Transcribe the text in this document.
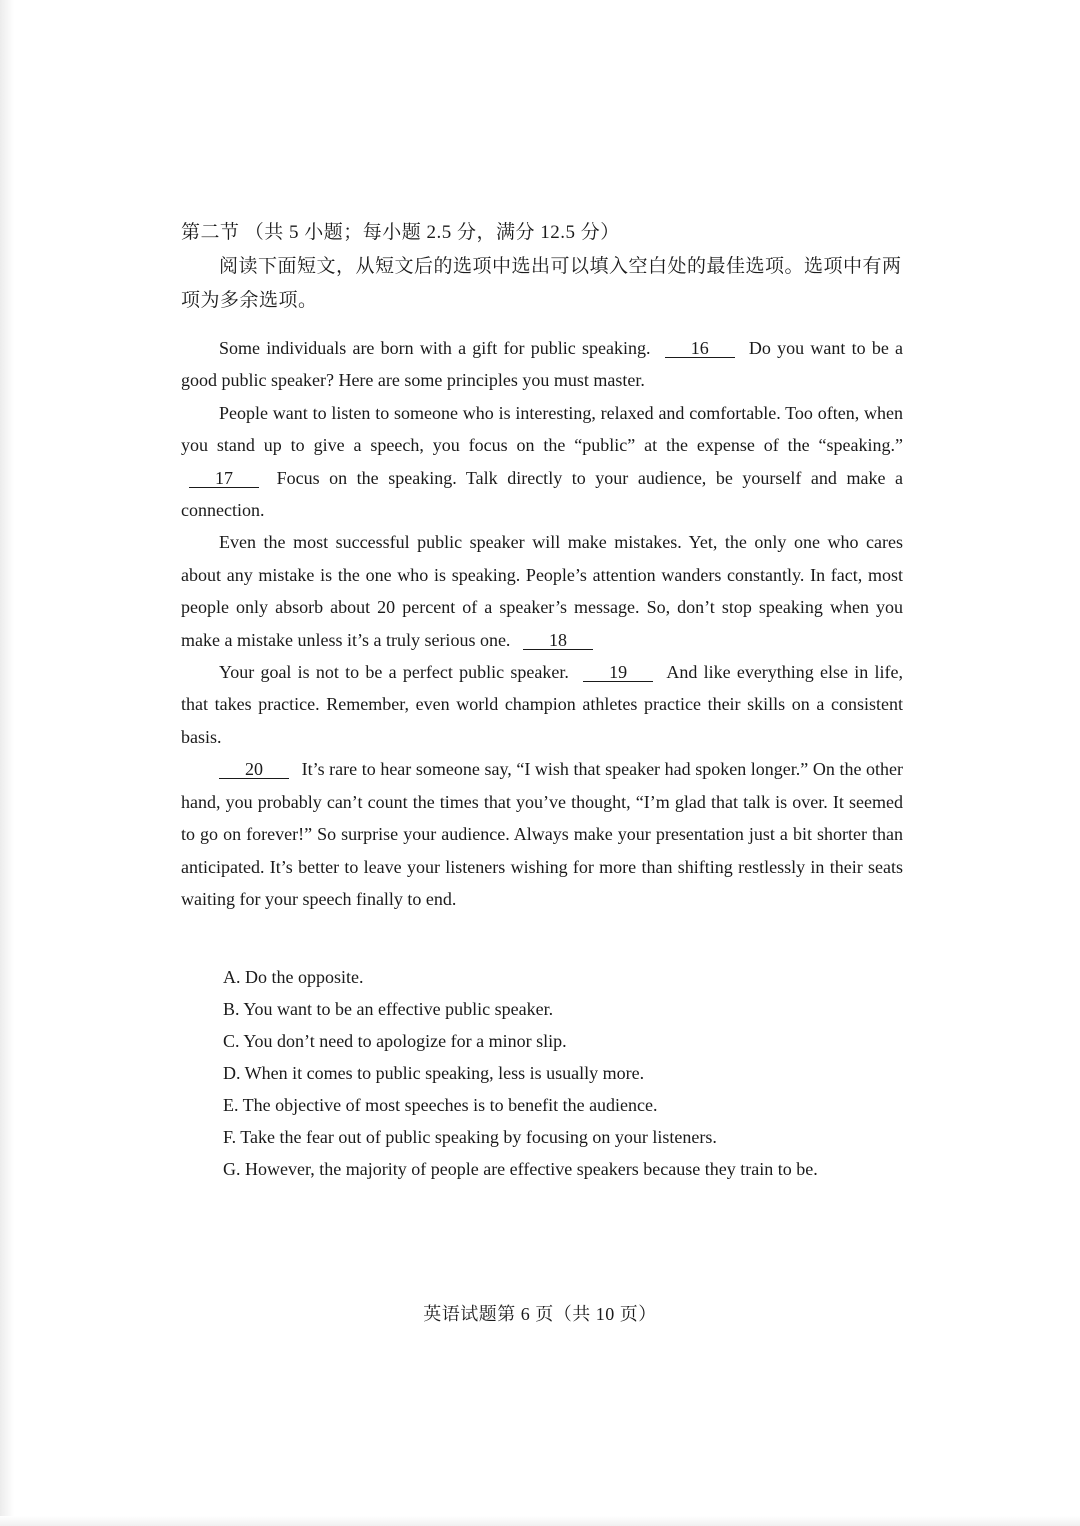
第二节 （共 5 小题；每小题 2.5 分，满分 12.5 分）
阅读下面短文，从短文后的选项中选出可以填入空白处的最佳选项。选项中有两项为多余选项。

Some individuals are born with a gift for public speaking. 16 Do you want to be a good public speaker? Here are some principles you must master.

People want to listen to someone who is interesting, relaxed and comfortable. Too often, when you stand up to give a speech, you focus on the “public” at the expense of the “speaking.” 17 Focus on the speaking. Talk directly to your audience, be yourself and make a connection.

Even the most successful public speaker will make mistakes. Yet, the only one who cares about any mistake is the one who is speaking. People’s attention wanders constantly. In fact, most people only absorb about 20 percent of a speaker’s message. So, don’t stop speaking when you make a mistake unless it’s a truly serious one. 18

Your goal is not to be a perfect public speaker. 19 And like everything else in life, that takes practice. Remember, even world champion athletes practice their skills on a consistent basis.

20 It’s rare to hear someone say, “I wish that speaker had spoken longer.” On the other hand, you probably can’t count the times that you’ve thought, “I’m glad that talk is over. It seemed to go on forever!” So surprise your audience. Always make your presentation just a bit shorter than anticipated. It’s better to leave your listeners wishing for more than shifting restlessly in their seats waiting for your speech finally to end.

A. Do the opposite.
B. You want to be an effective public speaker.
C. You don’t need to apologize for a minor slip.
D. When it comes to public speaking, less is usually more.
E. The objective of most speeches is to benefit the audience.
F. Take the fear out of public speaking by focusing on your listeners.
G. However, the majority of people are effective speakers because they train to be.
英语试题第 6 页（共 10 页）
